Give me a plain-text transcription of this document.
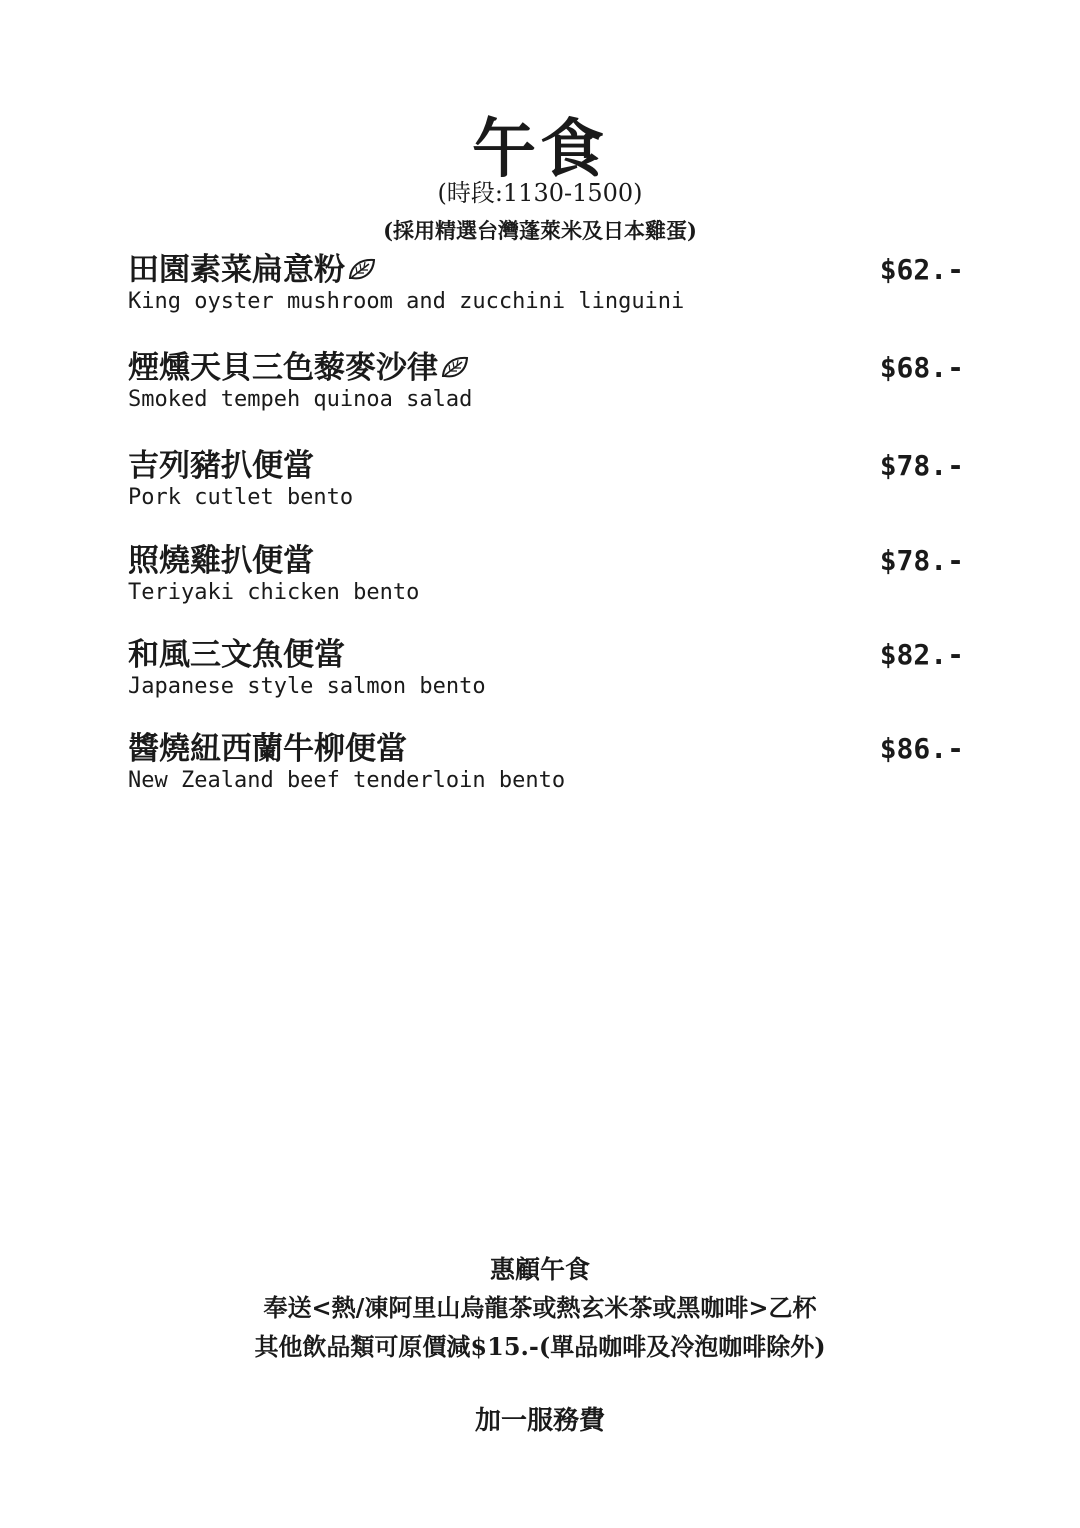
午食
(時段:1130-1500)
(採用精選台灣蓬萊米及日本雞蛋)
田園素菜扁意粉	$62.-
King oyster mushroom and zucchini linguini
煙燻天貝三色藜麥沙律	$68.-
Smoked tempeh quinoa salad
吉列豬扒便當	$78.-
Pork cutlet bento
照燒雞扒便當	$78.-
Teriyaki chicken bento
和風三文魚便當	$82.-
Japanese style salmon bento
醬燒紐西蘭牛柳便當	$86.-
New Zealand beef tenderloin bento
惠顧午食
奉送<熱/凍阿里山烏龍茶或熱玄米茶或黑咖啡>乙杯
其他飲品類可原價減$15.-(單品咖啡及冷泡咖啡除外)
加一服務費
